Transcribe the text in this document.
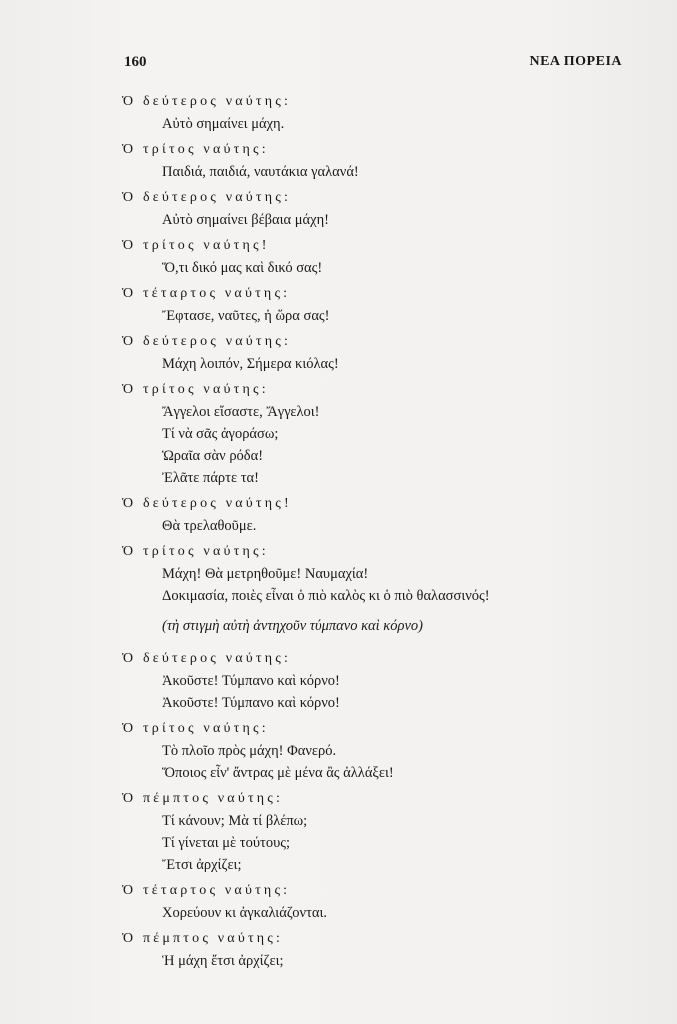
160	ΝΕΑ ΠΟΡΕΙΑ
Ὁ δεύτερος ναύτης:
Αὐτὸ σημαίνει μάχη.
Ὁ τρίτος ναύτης:
Παιδιά, παιδιά, ναυτάκια γαλανά!
Ὁ δεύτερος ναύτης:
Αὐτὸ σημαίνει βέβαια μάχη!
Ὁ τρίτος ναύτης!
Ὅ,τι δικό μας καὶ δικό σας!
Ὁ τέταρτος ναύτης:
Ἔφτασε, ναῦτες, ἡ ὥρα σας!
Ὁ δεύτερος ναύτης:
Μάχη λοιπόν, Σήμερα κιόλας!
Ὁ τρίτος ναύτης:
Ἄγγελοι εἴσαστε, Ἄγγελοι!
Τί νὰ σᾶς ἀγοράσω;
Ὡραῖα σὰν ρόδα!
Ἐλᾶτε πάρτε τα!
Ὁ δεύτερος ναύτης!
Θὰ τρελαθοῦμε.
Ὁ τρίτος ναύτης:
Μάχη! Θὰ μετρηθοῦμε! Ναυμαχία!
Δοκιμασία, ποιὲς εἶναι ὁ πιὸ καλὸς κι ὁ πιὸ θαλασσινός!
(τὴ στιγμὴ αὐτὴ ἀντηχοῦν τύμπανο καὶ κόρνο)
Ὁ δεύτερος ναύτης:
Ἀκοῦστε! Τύμπανο καὶ κόρνο!
Ἀκοῦστε! Τύμπανο καὶ κόρνο!
Ὁ τρίτος ναύτης:
Τὸ πλοῖο πρὸς μάχη! Φανερό.
Ὅποιος εἶν' ἄντρας μὲ μένα ἂς ἀλλάξει!
Ὁ πέμπτος ναύτης:
Τί κάνουν; Μὰ τί βλέπω;
Τί γίνεται μὲ τούτους;
Ἔτσι ἀρχίζει;
Ὁ τέταρτος ναύτης:
Χορεύουν κι ἀγκαλιάζονται.
Ὁ πέμπτος ναύτης:
Ἡ μάχη ἔτσι ἀρχίζει;
